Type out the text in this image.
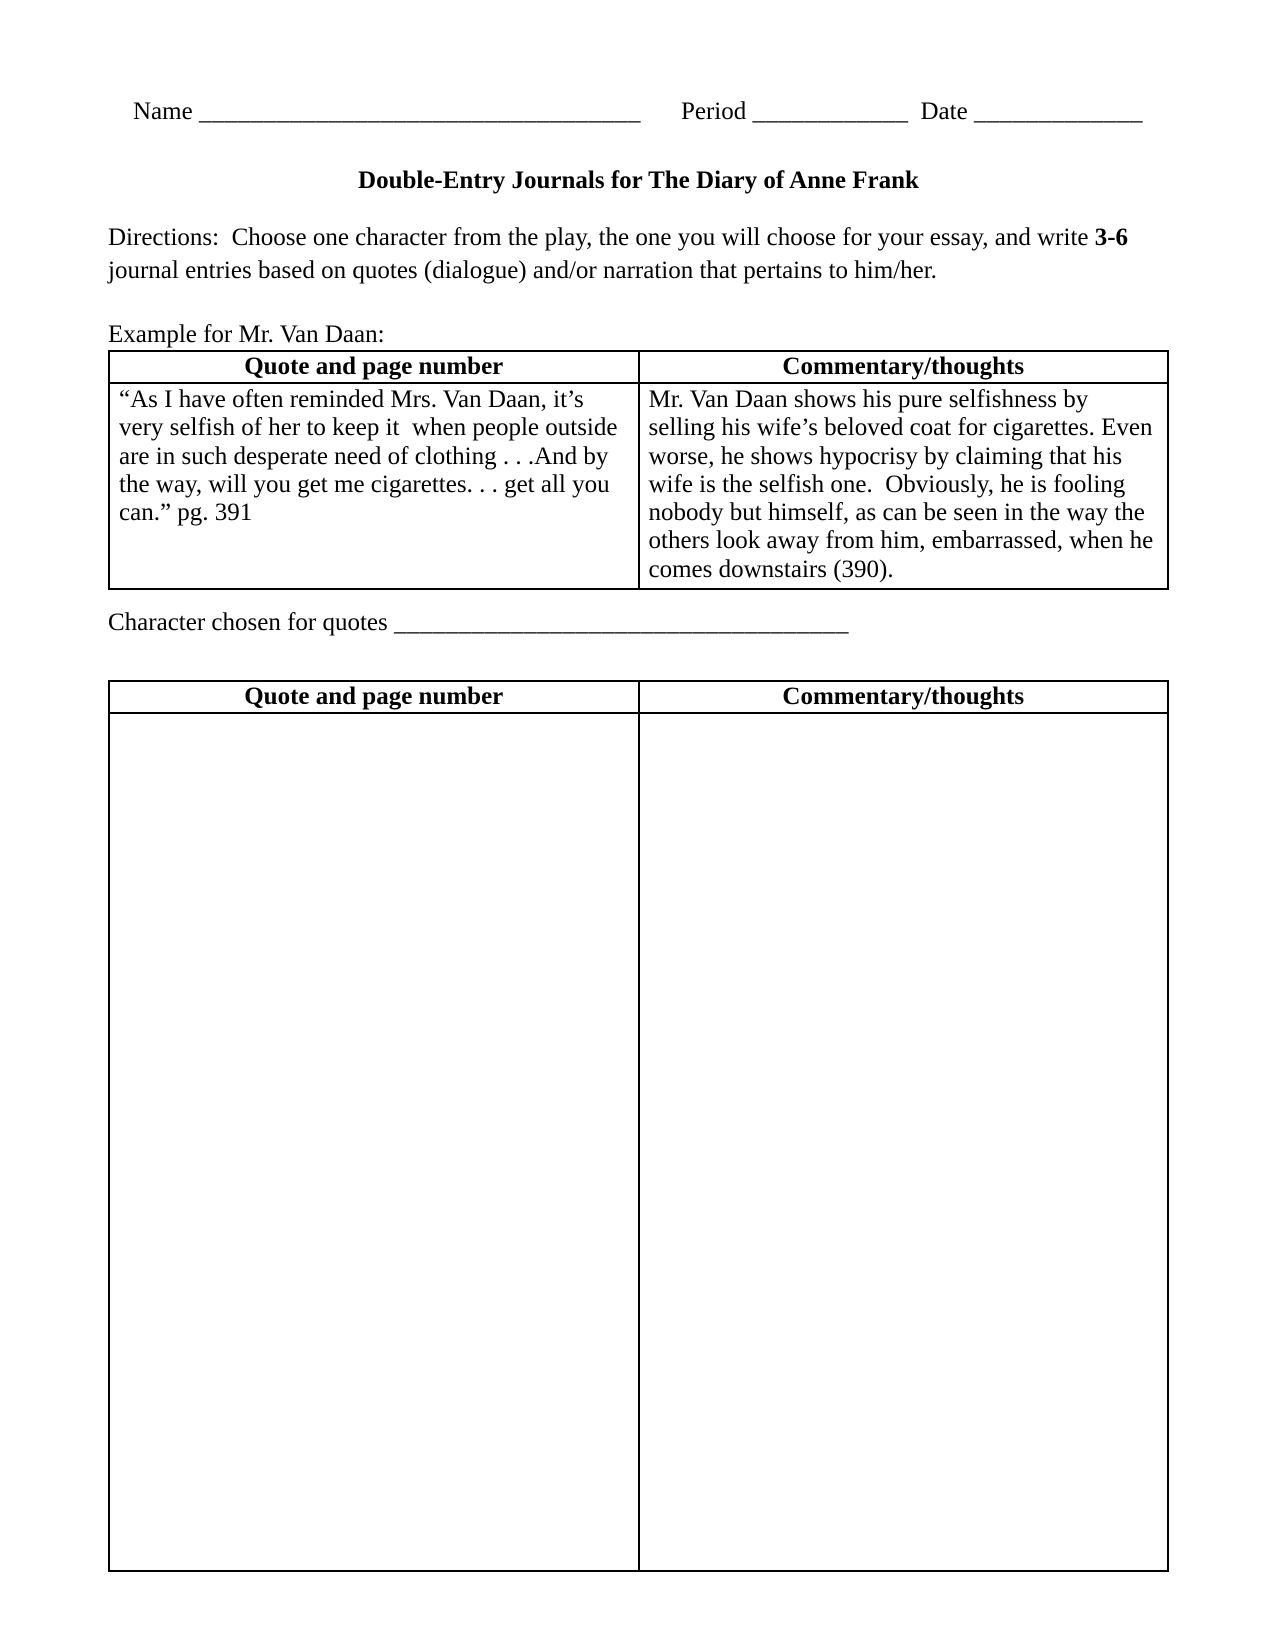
Name __________________________________ Period ____________ Date _____________

Double-Entry Journals for The Diary of Anne Frank

Directions:  Choose one character from the play, the one you will choose for your essay, and write 3-6 journal entries based on quotes (dialogue) and/or narration that pertains to him/her.

Example for Mr. Van Daan:

Quote and page number	Commentary/thoughts
“As I have often reminded Mrs. Van Daan, it’s very selfish of her to keep it  when people outside are in such desperate need of clothing . . .And by the way, will you get me cigarettes. . . get all you can.” pg. 391	Mr. Van Daan shows his pure selfishness by selling his wife’s beloved coat for cigarettes. Even worse, he shows hypocrisy by claiming that his wife is the selfish one.  Obviously, he is fooling nobody but himself, as can be seen in the way the others look away from him, embarrassed, when he comes downstairs (390).

Character chosen for quotes ___________________________________

Quote and page number	Commentary/thoughts
